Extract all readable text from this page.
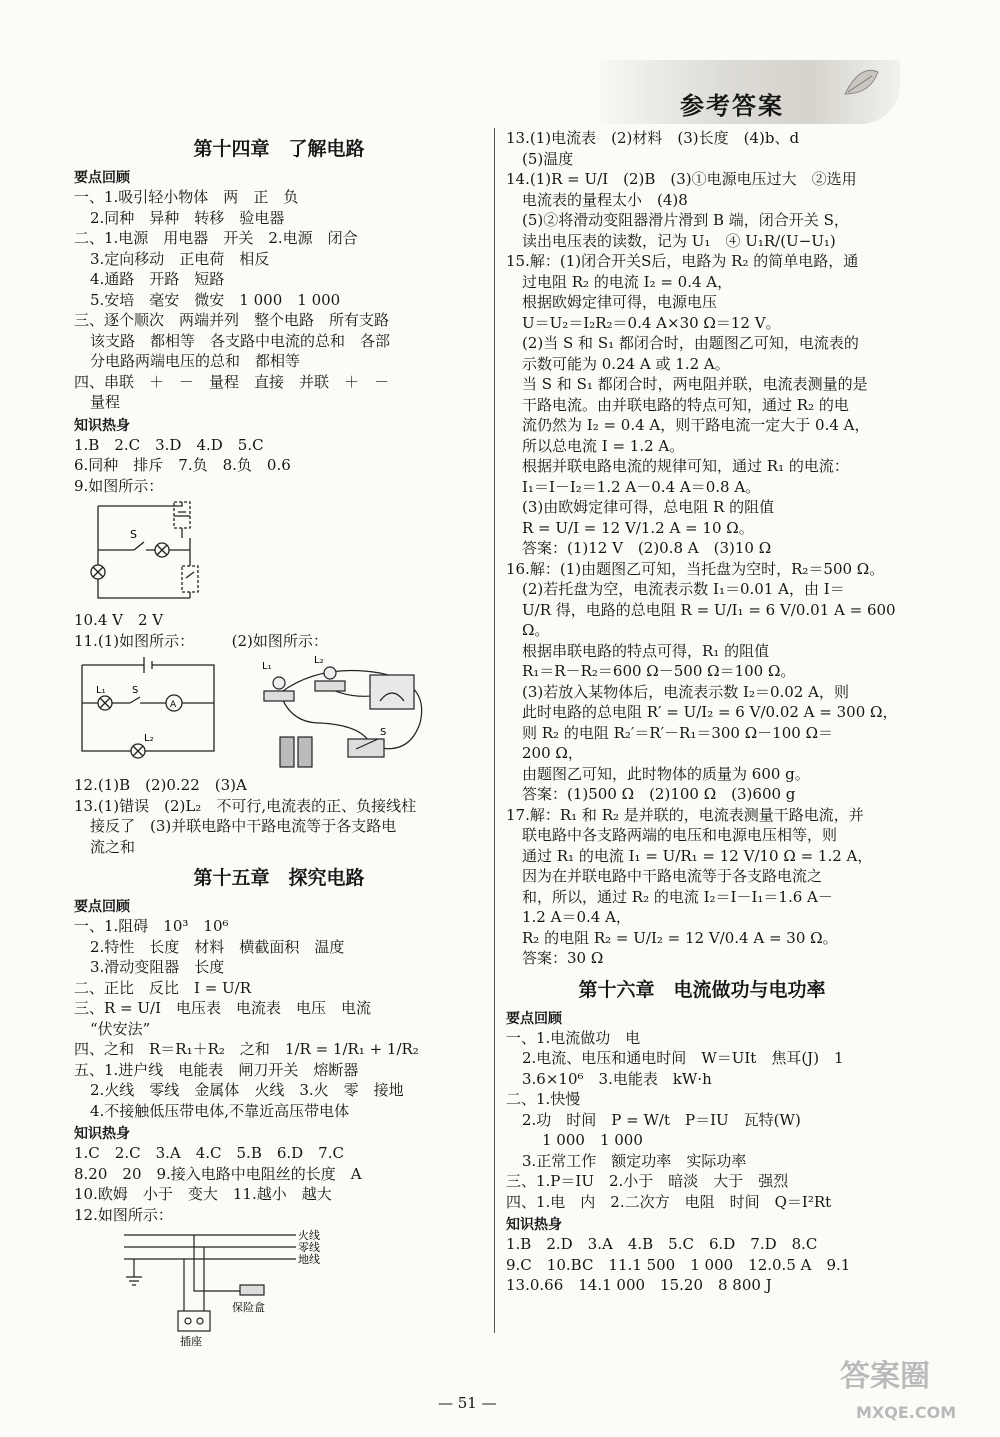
参考答案
第十四章　了解电路
要点回顾
一、1.吸引轻小物体　两　正　负
2.同种　异种　转移　验电器
二、1.电源　用电器　开关　2.电源　闭合
3.定向移动　正电荷　相反
4.通路　开路　短路
5.安培　毫安　微安　1 000　1 000
三、逐个顺次　两端并列　整个电路　所有支路
该支路　都相等　各支路中电流的总和　各部
分电路两端电压的总和　都相等
四、串联　＋　－　量程　直接　并联　＋　－
量程
知识热身
1.B　2.C　3.D　4.D　5.C
6.同种　排斥　7.负　8.负　0.6
9.如图所示：
S
10.4 V　2 V
11.(1)如图所示：　　　(2)如图所示：
L₁	S
A
L₂
L₁
L₂
S
12.(1)B　(2)0.22　(3)A
13.(1)错误　(2)L₂　不可行,电流表的正、负接线柱
接反了　(3)并联电路中干路电流等于各支路电
流之和
第十五章　探究电路
要点回顾
一、1.阻碍　10³　10⁶
2.特性　长度　材料　横截面积　温度
3.滑动变阻器　长度
二、正比　反比　I = U/R
三、R = U/I　电压表　电流表　电压　电流
“伏安法”
四、之和　R＝R₁＋R₂　之和　1/R = 1/R₁ + 1/R₂
五、1.进户线　电能表　闸刀开关　熔断器
2.火线　零线　金属体　火线　3.火　零　接地
4.不接触低压带电体,不靠近高压带电体
知识热身
1.C　2.C　3.A　4.C　5.B　6.D　7.C
8.20　20　9.接入电路中电阻丝的长度　A
10.欧姆　小于　变大　11.越小　越大
12.如图所示：
火线
零线
地线
保险盒
插座
13.(1)电流表　(2)材料　(3)长度　(4)b、d
(5)温度
14.(1)R = U/I　(2)B　(3)①电源电压过大　②选用
电流表的量程太小　(4)8
(5)②将滑动变阻器滑片滑到 B 端，闭合开关 S，
读出电压表的读数，记为 U₁　④ U₁R/(U−U₁)
15.解：(1)闭合开关S后，电路为 R₂ 的简单电路，通
过电阻 R₂ 的电流 I₂ = 0.4 A，
根据欧姆定律可得，电源电压
U＝U₂＝I₂R₂＝0.4 A×30 Ω＝12 V。
(2)当 S 和 S₁ 都闭合时，由题图乙可知，电流表的
示数可能为 0.24 A 或 1.2 A。
当 S 和 S₁ 都闭合时，两电阻并联，电流表测量的是
干路电流。由并联电路的特点可知，通过 R₂ 的电
流仍然为 I₂ = 0.4 A，则干路电流一定大于 0.4 A，
所以总电流 I = 1.2 A。
根据并联电路电流的规律可知，通过 R₁ 的电流：
I₁＝I－I₂＝1.2 A－0.4 A＝0.8 A。
(3)由欧姆定律可得，总电阻 R 的阻值
R = U/I = 12 V/1.2 A = 10 Ω。
答案：(1)12 V　(2)0.8 A　(3)10 Ω
16.解：(1)由题图乙可知，当托盘为空时，R₂＝500 Ω。
(2)若托盘为空，电流表示数 I₁＝0.01 A，由 I＝
U/R 得，电路的总电阻 R = U/I₁ = 6 V/0.01 A = 600 Ω。
根据串联电路的特点可得，R₁ 的阻值
R₁＝R－R₂＝600 Ω－500 Ω＝100 Ω。
(3)若放入某物体后，电流表示数 I₂＝0.02 A，则
此时电路的总电阻 R′ = U/I₂ = 6 V/0.02 A = 300 Ω，
则 R₂ 的电阻 R₂′＝R′－R₁＝300 Ω－100 Ω＝
200 Ω，
由题图乙可知，此时物体的质量为 600 g。
答案：(1)500 Ω　(2)100 Ω　(3)600 g
17.解：R₁ 和 R₂ 是并联的，电流表测量干路电流，并
联电路中各支路两端的电压和电源电压相等，则
通过 R₁ 的电流 I₁ = U/R₁ = 12 V/10 Ω = 1.2 A，
因为在并联电路中干路电流等于各支路电流之
和，所以，通过 R₂ 的电流 I₂＝I－I₁＝1.6 A－
1.2 A＝0.4 A，
R₂ 的电阻 R₂ = U/I₂ = 12 V/0.4 A = 30 Ω。
答案：30 Ω
第十六章　电流做功与电功率
要点回顾
一、1.电流做功　电
2.电流、电压和通电时间　W＝UIt　焦耳(J)　1
3.6×10⁶　3.电能表　kW·h
二、1.快慢
2.功　时间　P = W/t　P＝IU　瓦特(W)
1 000　1 000
3.正常工作　额定功率　实际功率
三、1.P＝IU　2.小于　暗淡　大于　强烈
四、1.电　内　2.二次方　电阻　时间　Q＝I²Rt
知识热身
1.B　2.D　3.A　4.B　5.C　6.D　7.D　8.C
9.C　10.BC　11.1 500　1 000　12.0.5 A　9.1
13.0.66　14.1 000　15.20　8 800 J
— 51 —
答案圈
MXQE.COM
